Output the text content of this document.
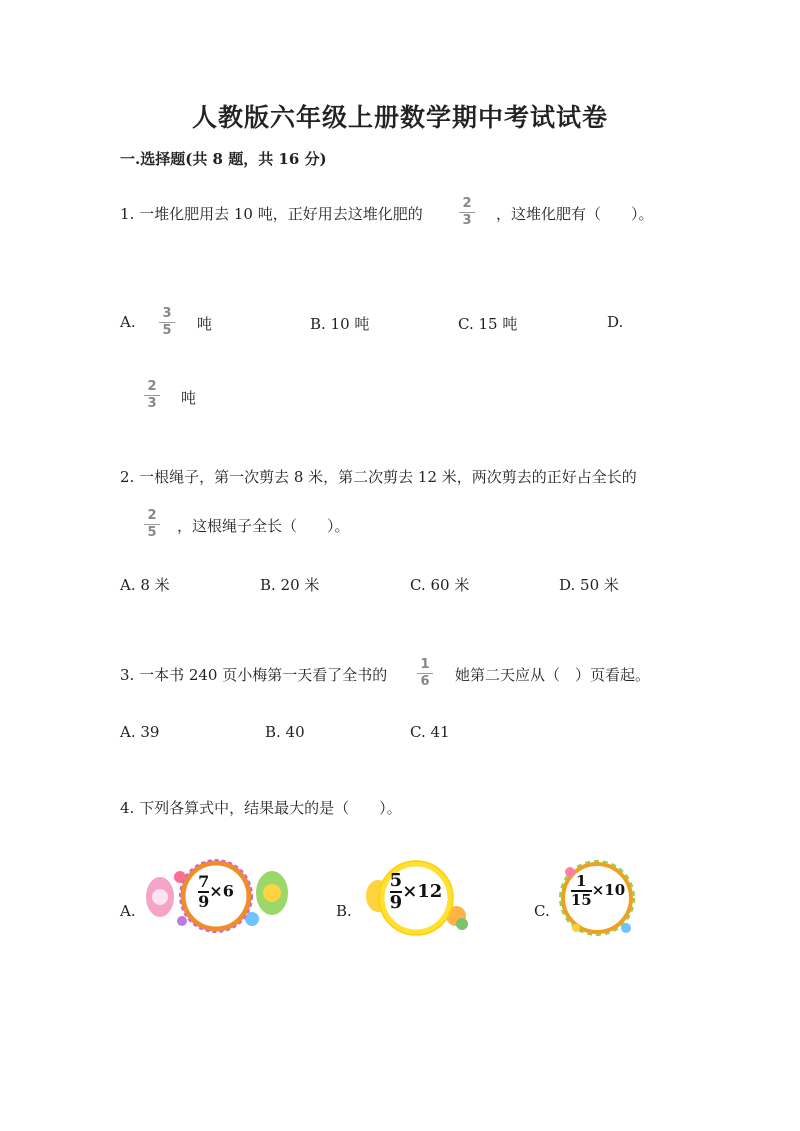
人教版六年级上册数学期中考试试卷
一.选择题(共 8 题，共 16 分)
1. 一堆化肥用去 10 吨，正好用去这堆化肥的
2
3 ，这堆化肥有（　　）。
A.	3
5 吨	B. 10 吨	C. 15 吨	D.
2
3 吨
2. 一根绳子，第一次剪去 8 米，第二次剪去 12 米，两次剪去的正好占全长的
2
5 ，这根绳子全长（　　）。
A. 8 米	B. 20 米	C. 60 米	D. 50 米
3. 一本书 240 页小梅第一天看了全书的
1
6 她第二天应从（　）页看起。
A. 39	B. 40	C. 41
4. 下列各算式中，结果最大的是（　　）。
A.
$\frac{7}{9}\times 6$
B.	$\frac{5}{9}\times 12$
C.
$\frac{1}{15}\times 10$
